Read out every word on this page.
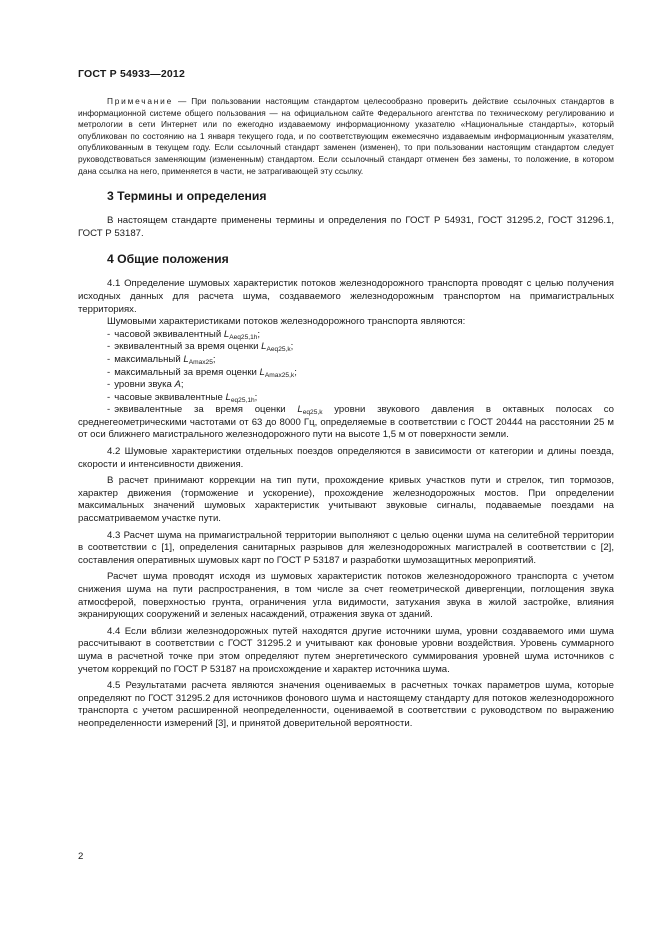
ГОСТ Р 54933—2012

Примечание — При пользовании настоящим стандартом целесообразно проверить действие ссылочных стандартов в информационной системе общего пользования — на официальном сайте Федерального агентства по техническому регулированию и метрологии в сети Интернет или по ежегодно издаваемому информационному указателю «Национальные стандарты», который опубликован по состоянию на 1 января текущего года, и по соответствующим ежемесячно издаваемым информационным указателям, опубликованным в текущем году. Если ссылочный стандарт заменен (изменен), то при пользовании настоящим стандартом следует руководствоваться заменяющим (измененным) стандартом. Если ссылочный стандарт отменен без замены, то положение, в котором дана ссылка на него, применяется в части, не затрагивающей эту ссылку.

3 Термины и определения

В настоящем стандарте применены термины и определения по ГОСТ Р 54931, ГОСТ 31295.2, ГОСТ 31296.1, ГОСТ Р 53187.

4 Общие положения

4.1 Определение шумовых характеристик потоков железнодорожного транспорта проводят с целью получения исходных данных для расчета шума, создаваемого железнодорожным транспортом на примагистральных территориях.

Шумовыми характеристиками потоков железнодорожного транспорта являются:

- часовой эквивалентный $L_{Aeq25,1h}$;
- эквивалентный за время оценки $L_{Aeq25,k}$;
- максимальный $L_{Amax25}$;
- максимальный за время оценки $L_{Amax25,k}$;
- уровни звука A;
- часовые эквивалентные $L_{eq25,1h}$;
- эквивалентные за время оценки $L_{eq25,k}$ уровни звукового давления в октавных полосах со среднегеометрическими частотами от 63 до 8000 Гц, определяемые в соответствии с ГОСТ 20444 на расстоянии 25 м от оси ближнего магистрального железнодорожного пути на высоте 1,5 м от поверхности земли.

4.2 Шумовые характеристики отдельных поездов определяются в зависимости от категории и длины поезда, скорости и интенсивности движения.

В расчет принимают коррекции на тип пути, прохождение кривых участков пути и стрелок, тип тормозов, характер движения (торможение и ускорение), прохождение железнодорожных мостов. При определении максимальных значений шумовых характеристик учитывают звуковые сигналы, подаваемые поездами на рассматриваемом участке пути.

4.3 Расчет шума на примагистральной территории выполняют с целью оценки шума на селитебной территории в соответствии с [1], определения санитарных разрывов для железнодорожных магистралей в соответствии с [2], составления оперативных шумовых карт по ГОСТ Р 53187 и разработки шумозащитных мероприятий.

Расчет шума проводят исходя из шумовых характеристик потоков железнодорожного транспорта с учетом снижения шума на пути распространения, в том числе за счет геометрической дивергенции, поглощения звука атмосферой, поверхностью грунта, ограничения угла видимости, затухания звука в жилой застройке, влияния экранирующих сооружений и зеленых насаждений, отражения звука от зданий.

4.4 Если вблизи железнодорожных путей находятся другие источники шума, уровни создаваемого ими шума рассчитывают в соответствии с ГОСТ 31295.2 и учитывают как фоновые уровни воздействия. Уровень суммарного шума в расчетной точке при этом определяют путем энергетического суммирования уровней шума источников с учетом коррекций по ГОСТ Р 53187 на происхождение и характер источника шума.

4.5 Результатами расчета являются значения оцениваемых в расчетных точках параметров шума, которые определяют по ГОСТ 31295.2 для источников фонового шума и настоящему стандарту для потоков железнодорожного транспорта с учетом расширенной неопределенности, оцениваемой в соответствии с руководством по выражению неопределенности измерений [3], и принятой доверительной вероятности.

2
